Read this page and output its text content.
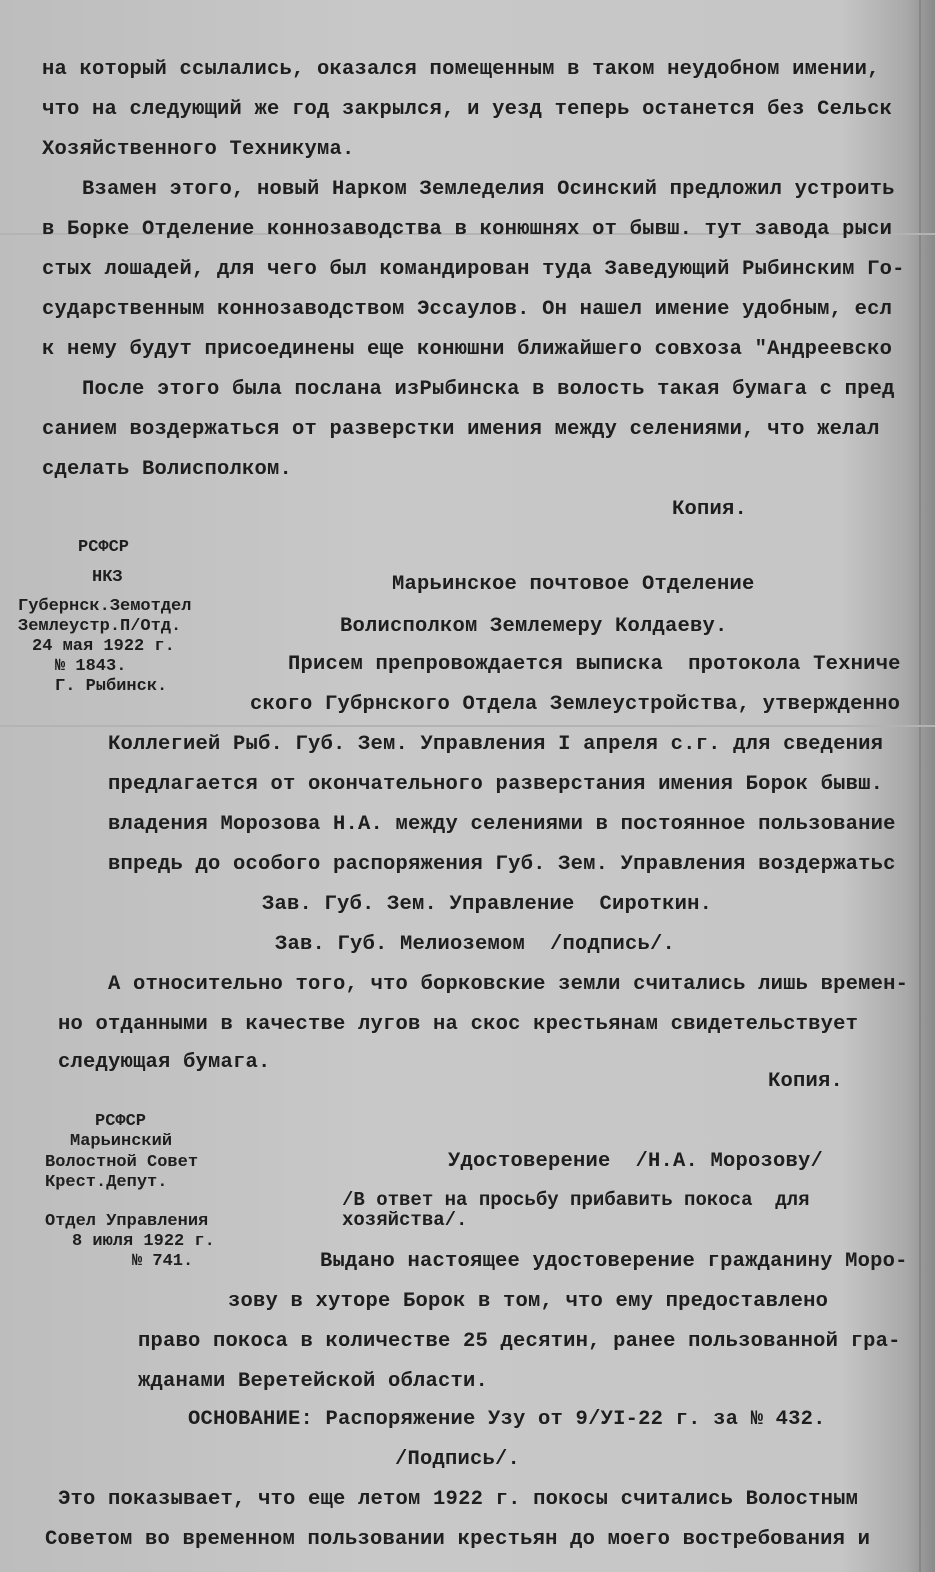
на который ссылались, оказался помещенным в таком неудобном имении,
что на следующий же год закрылся, и уезд теперь останется без Сельск
Хозяйственного Техникума.
Взамен этого, новый Нарком Земледелия Осинский предложил устроить
в Борке Отделение коннозаводства в конюшнях от бывш. тут завода рыси
стых лошадей, для чего был командирован туда Заведующий Рыбинским Го-
сударственным коннозаводством Эссаулов. Он нашел имение удобным, есл
к нему будут присоединены еще конюшни ближайшего совхоза "Андреевско
После этого была послана изРыбинска в волость такая бумага с пред
санием воздержаться от разверстки имения между селениями, что желал
сделать Волисполком.
Копия.
РСФСР
НКЗ
Губернск.Земотдел
Землеустр.П/Отд.
24 мая 1922 г.
№ 1843.
Г. Рыбинск.
Марьинское почтовое Отделение
Волисполком Землемеру Колдаеву.
Присем препровождается выписка  протокола Техниче
ского Губрнского Отдела Землеустройства, утвержденно
Коллегией Рыб. Губ. Зем. Управления I апреля с.г. для сведения
предлагается от окончательного разверстания имения Борок бывш.
владения Морозова Н.А. между селениями в постоянное пользование
впредь до особого распоряжения Губ. Зем. Управления воздержатьс
Зав. Губ. Зем. Управление  Сироткин.
Зав. Губ. Мелиоземом  /подпись/.
А относительно того, что борковские земли считались лишь времен-
но отданными в качестве лугов на скос крестьянам свидетельствует
следующая бумага.
Копия.
РСФСР
Марьинский
Волостной Совет
Крест.Депут.
Отдел Управления
8 июля 1922 г.
№ 741.
Удостоверение  /Н.А. Морозову/
/В ответ на просьбу прибавить покоса  для
хозяйства/.
Выдано настоящее удостоверение гражданину Моро-
зову в хуторе Борок в том, что ему предоставлено
право покоса в количестве 25 десятин, ранее пользованной гра-
жданами Веретейской области.
ОСНОВАНИЕ: Распоряжение Узу от 9/УI-22 г. за № 432.
/Подпись/.
Это показывает, что еще летом 1922 г. покосы считались Волостным
Советом во временном пользовании крестьян до моего востребования и
